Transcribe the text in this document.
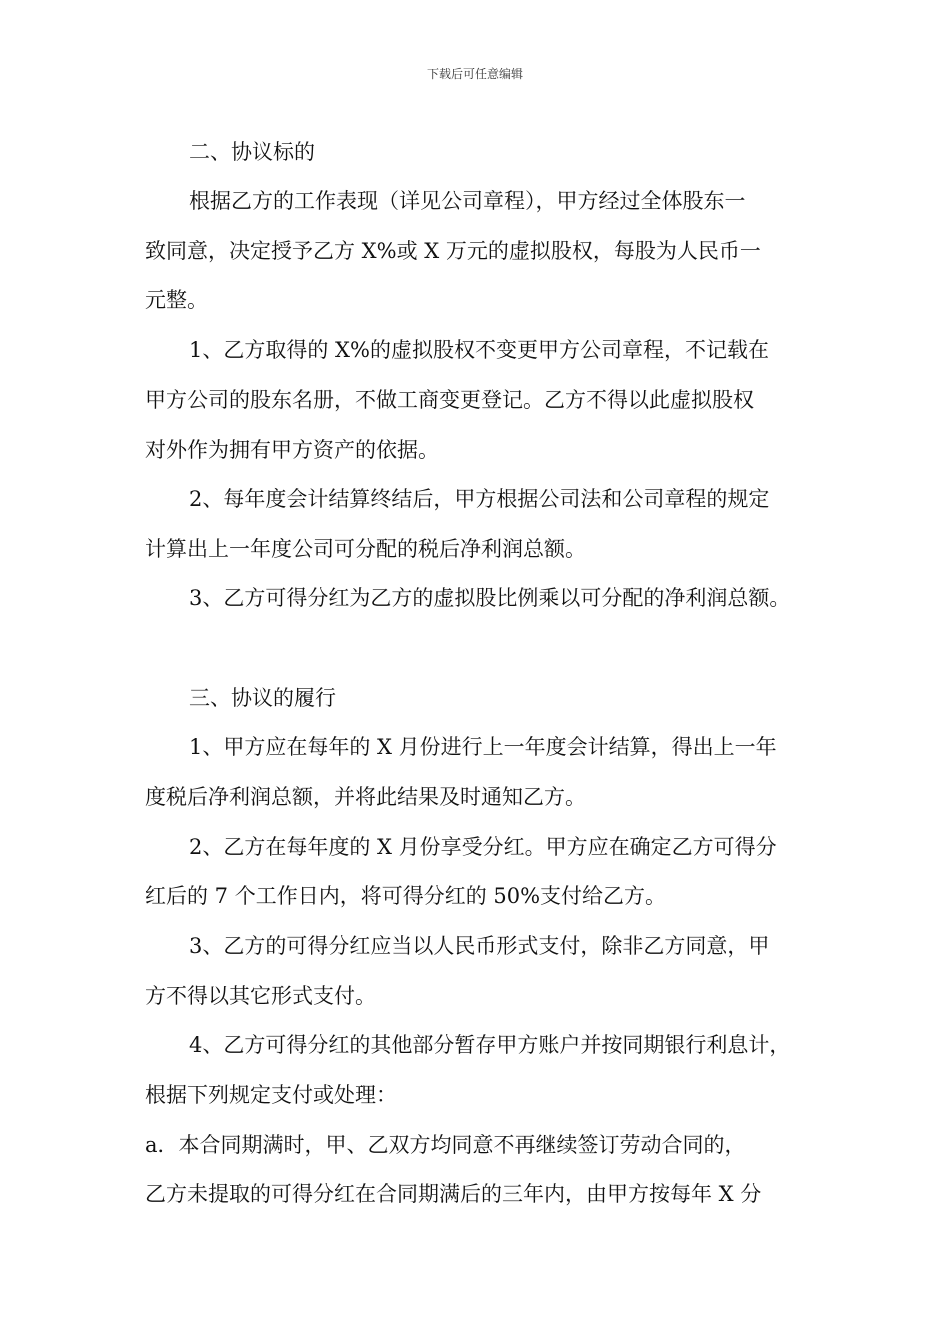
下载后可任意编辑
二、协议标的
根据乙方的工作表现（详见公司章程），甲方经过全体股东一
致同意，决定授予乙方 X%或 X 万元的虚拟股权，每股为人民币一
元整。
1、乙方取得的 X%的虚拟股权不变更甲方公司章程，不记载在
甲方公司的股东名册，不做工商变更登记。乙方不得以此虚拟股权
对外作为拥有甲方资产的依据。
2、每年度会计结算终结后，甲方根据公司法和公司章程的规定
计算出上一年度公司可分配的税后净利润总额。
3、乙方可得分红为乙方的虚拟股比例乘以可分配的净利润总额。
三、协议的履行
1、甲方应在每年的 X 月份进行上一年度会计结算，得出上一年
度税后净利润总额，并将此结果及时通知乙方。
2、乙方在每年度的 X 月份享受分红。甲方应在确定乙方可得分
红后的 7 个工作日内，将可得分红的 50%支付给乙方。
3、乙方的可得分红应当以人民币形式支付，除非乙方同意，甲
方不得以其它形式支付。
4、乙方可得分红的其他部分暂存甲方账户并按同期银行利息计，
根据下列规定支付或处理：
a．本合同期满时，甲、乙双方均同意不再继续签订劳动合同的，
乙方未提取的可得分红在合同期满后的三年内，由甲方按每年 X 分
